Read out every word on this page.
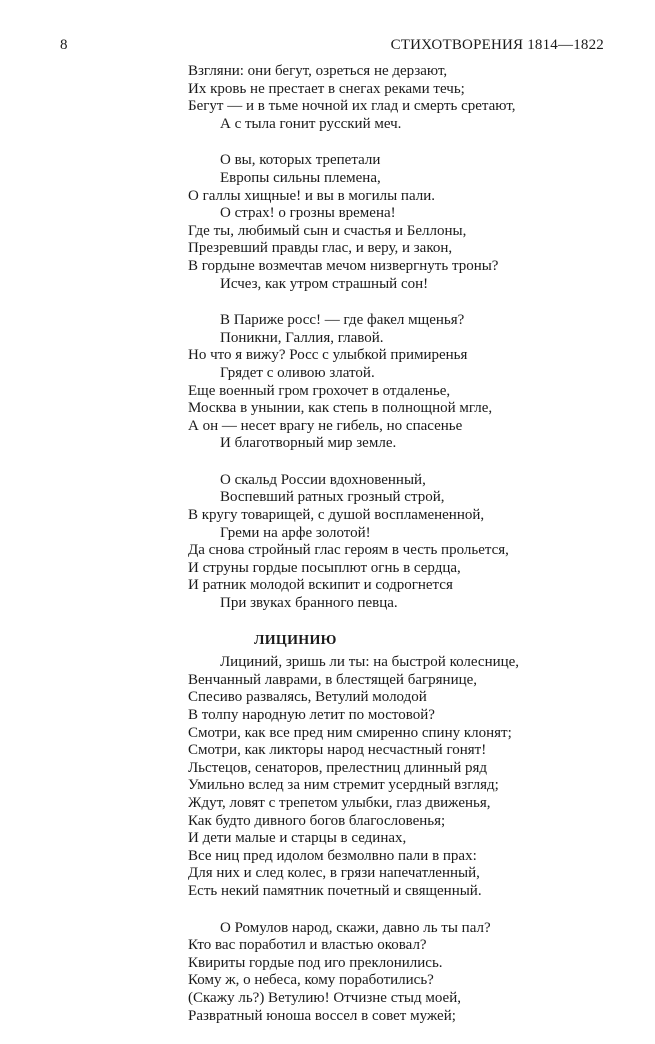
8	СТИХОТВОРЕНИЯ 1814—1822
Взгляни: они бегут, озреться не дерзают,
Их кровь не престает в снегах реками течь;
Бегут — и в тьме ночной их глад и смерть сретают,
А с тыла гонит русский меч.
О вы, которых трепетали
Европы сильны племена,
О галлы хищные! и вы в могилы пали.
О страх! о грозны времена!
Где ты, любимый сын и счастья и Беллоны,
Презревший правды глас, и веру, и закон,
В гордыне возмечтав мечом низвергнуть троны?
Исчез, как утром страшный сон!
В Париже росс! — где факел мщенья?
Поникни, Галлия, главой.
Но что я вижу? Росс с улыбкой примиренья
Грядет с оливою златой.
Еще военный гром грохочет в отдаленье,
Москва в унынии, как степь в полнощной мгле,
А он — несет врагу не гибель, но спасенье
И благотворный мир земле.
О скальд России вдохновенный,
Воспевший ратных грозный строй,
В кругу товарищей, с душой воспламененной,
Греми на арфе золотой!
Да снова стройный глас героям в честь прольется,
И струны гордые посыплют огнь в сердца,
И ратник молодой вскипит и содрогнется
При звуках бранного певца.
ЛИЦИНИЮ
Лициний, зришь ли ты: на быстрой колеснице,
Венчанный лаврами, в блестящей багрянице,
Спесиво развалясь, Ветулий молодой
В толпу народную летит по мостовой?
Смотри, как все пред ним смиренно спину клонят;
Смотри, как ликторы народ несчастный гонят!
Льстецов, сенаторов, прелестниц длинный ряд
Умильно вслед за ним стремит усердный взгляд;
Ждут, ловят с трепетом улыбки, глаз движенья,
Как будто дивного богов благословенья;
И дети малые и старцы в сединах,
Все ниц пред идолом безмолвно пали в прах:
Для них и след колес, в грязи напечатленный,
Есть некий памятник почетный и священный.
О Ромулов народ, скажи, давно ль ты пал?
Кто вас поработил и властью оковал?
Квириты гордые под иго преклонились.
Кому ж, о небеса, кому поработились?
(Скажу ль?) Ветулию! Отчизне стыд моей,
Развратный юноша воссел в совет мужей;
